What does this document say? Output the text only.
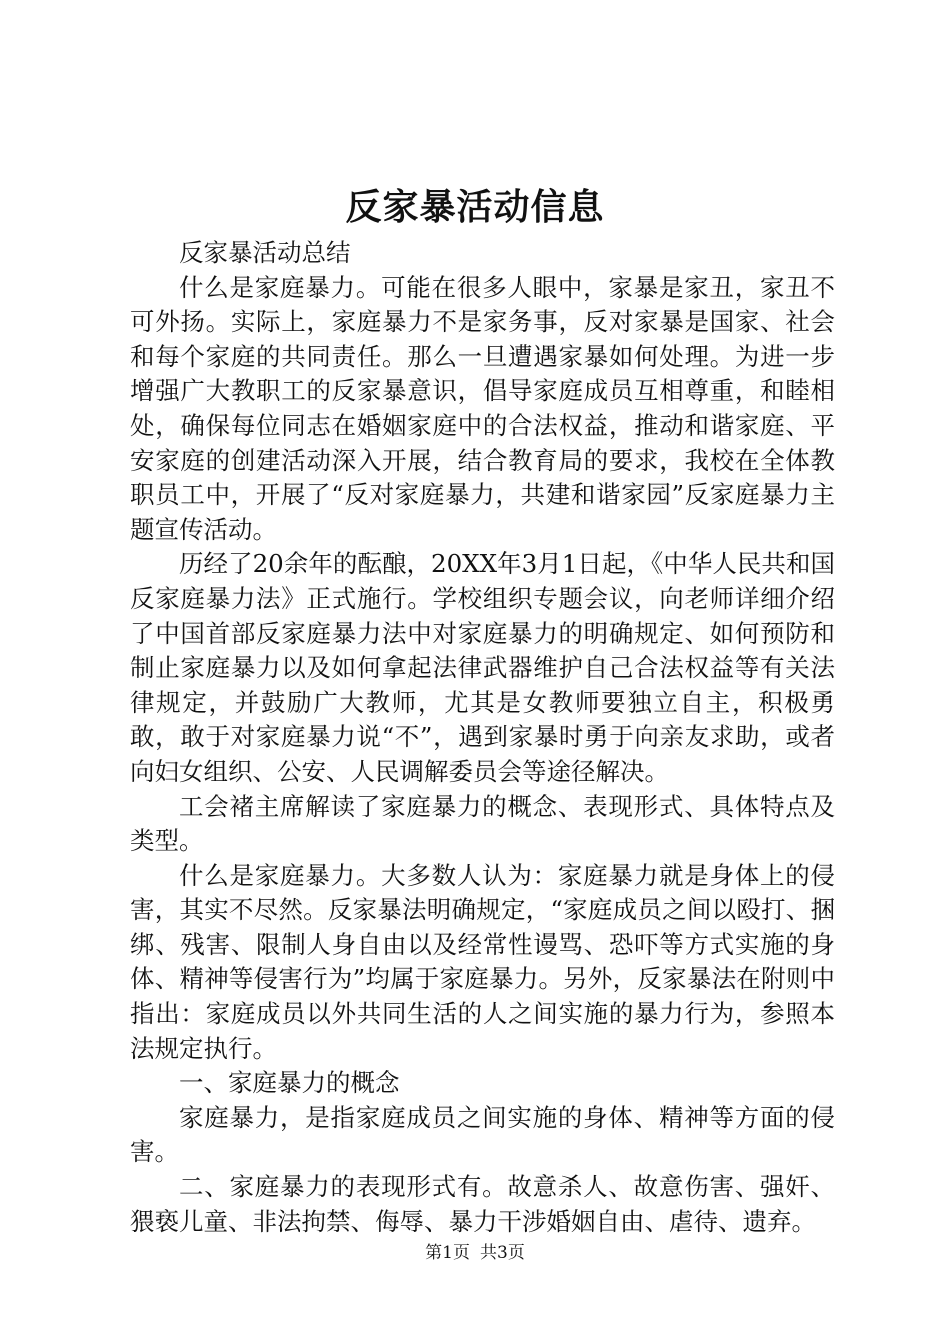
反家暴活动信息

反家暴活动总结

什么是家庭暴力。可能在很多人眼中，家暴是家丑，家丑不可外扬。实际上，家庭暴力不是家务事，反对家暴是国家、社会和每个家庭的共同责任。那么一旦遭遇家暴如何处理。为进一步增强广大教职工的反家暴意识，倡导家庭成员互相尊重，和睦相处，确保每位同志在婚姻家庭中的合法权益，推动和谐家庭、平安家庭的创建活动深入开展，结合教育局的要求，我校在全体教职员工中，开展了“反对家庭暴力，共建和谐家园”反家庭暴力主题宣传活动。

历经了20余年的酝酿，20XX年3月1日起，《中华人民共和国反家庭暴力法》正式施行。学校组织专题会议，向老师详细介绍了中国首部反家庭暴力法中对家庭暴力的明确规定、如何预防和制止家庭暴力以及如何拿起法律武器维护自己合法权益等有关法律规定，并鼓励广大教师，尤其是女教师要独立自主，积极勇敢，敢于对家庭暴力说“不”，遇到家暴时勇于向亲友求助，或者向妇女组织、公安、人民调解委员会等途径解决。

工会褚主席解读了家庭暴力的概念、表现形式、具体特点及类型。

什么是家庭暴力。大多数人认为：家庭暴力就是身体上的侵害，其实不尽然。反家暴法明确规定，“家庭成员之间以殴打、捆绑、残害、限制人身自由以及经常性谩骂、恐吓等方式实施的身体、精神等侵害行为”均属于家庭暴力。另外，反家暴法在附则中指出：家庭成员以外共同生活的人之间实施的暴力行为，参照本法规定执行。

一、家庭暴力的概念

家庭暴力，是指家庭成员之间实施的身体、精神等方面的侵害。

二、家庭暴力的表现形式有。故意杀人、故意伤害、强奸、猥亵儿童、非法拘禁、侮辱、暴力干涉婚姻自由、虐待、遗弃。

第1页 共3页
